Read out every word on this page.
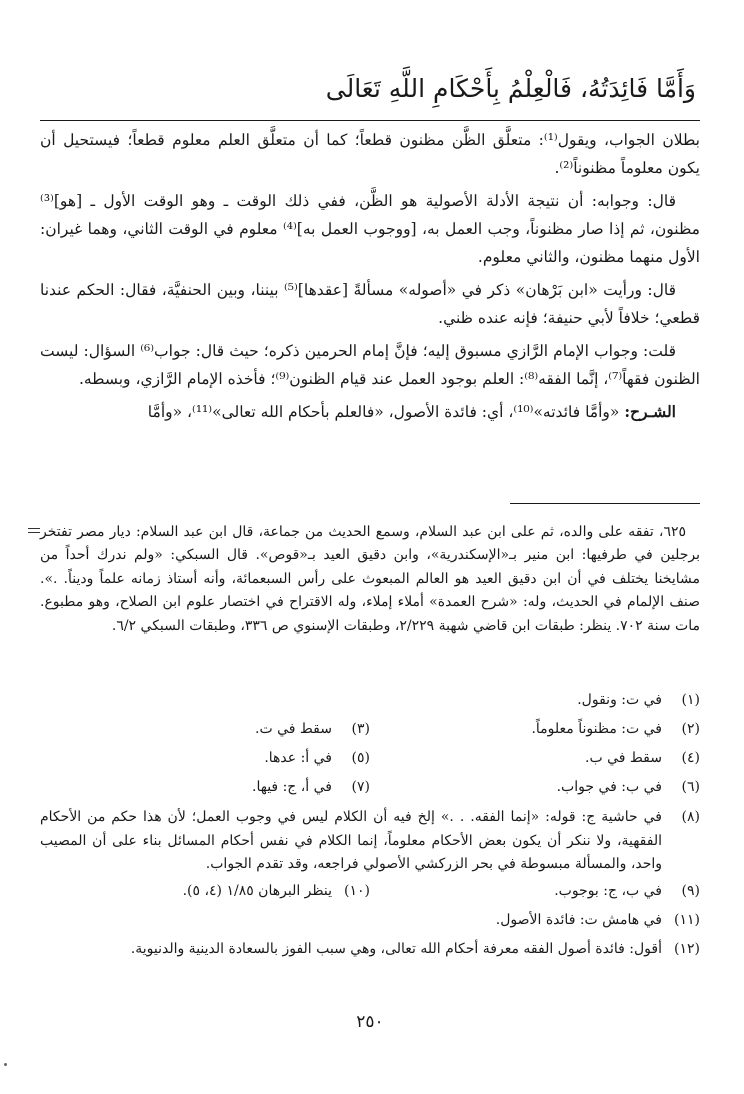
وَأَمَّا فَائِدَتُهُ، فَالْعِلْمُ بِأَحْكَامِ اللَّهِ تَعَالَى

بطلان الجواب، ويقول⁽¹⁾: متعلَّق الظَّن مظنون قطعاً؛ كما أن متعلَّق العلم معلوم قطعاً؛ فيستحيل أن يكون معلوماً مظنوناً⁽²⁾.

قال: وجوابه: أن نتيجة الأدلة الأصولية هو الظَّن، ففي ذلك الوقت ـ وهو الوقت الأول ـ [هو]⁽³⁾ مظنون، ثم إذا صار مظنوناً، وجب العمل به، [ووجوب العمل به]⁽⁴⁾ معلوم في الوقت الثاني، وهما غيران: الأول منهما مظنون، والثاني معلوم.

قال: ورأيت «ابن بَرْهان» ذكر في «أصوله» مسألةً [عقدها]⁽⁵⁾ بيننا، وبين الحنفيَّة، فقال: الحكم عندنا قطعي؛ خلافاً لأبي حنيفة؛ فإنه عنده ظني.

قلت: وجواب الإمام الرَّازي مسبوق إليه؛ فإنَّ إمام الحرمين ذكره؛ حيث قال: جواب⁽⁶⁾ السؤال: ليست الظنون فقهاً⁽⁷⁾، إنَّما الفقه⁽⁸⁾: العلم بوجود العمل عند قيام الظنون⁽⁹⁾؛ فأخذه الإمام الرَّازي، وبسطه.

الشـرح: «وأمَّا فائدته»⁽¹⁰⁾، أي: فائدة الأصول، «فالعلم بأحكام الله تعالى»⁽¹¹⁾، «وأمَّا

٦٢٥، تفقه على والده، ثم على ابن عبد السلام، وسمع الحديث من جماعة، قال ابن عبد السلام: ديار مصر تفتخر برجلين في طرفيها: ابن منير بـ«الإسكندرية»، وابن دقيق العيد بـ«قوص». قال السبكي: «ولم ندرك أحداً من مشايخنا يختلف في أن ابن دقيق العيد هو العالم المبعوث على رأس السبعمائة، وأنه أستاذ زمانه علماً وديناً. .». صنف الإلمام في الحديث، وله: «شرح العمدة» أملاء إملاء، وله الاقتراح في اختصار علوم ابن الصلاح، وهو مطبوع. مات سنة ٧٠٢. ينظر: طبقات ابن قاضي شهبة ٢/٢٢٩، وطبقات الإسنوي ص ٣٣٦، وطبقات السبكي ٦/٢.
(١)
في ت: ونقول.
(٢)
في ت: مظنوناً معلوماً.
(٣)
سقط في ت.
(٤)
سقط في ب.
(٥)
في أ: عدها.
(٦)
في ب: في جواب.
(٧)
في أ، ج: فيها.
(٨)
في حاشية ج: قوله: «إنما الفقه. . .» إلخ فيه أن الكلام ليس في وجوب العمل؛ لأن هذا حكم من الأحكام الفقهية، ولا ننكر أن يكون بعض الأحكام معلوماً، إنما الكلام في نفس أحكام المسائل بناء على أن المصيب واحد، والمسألة مبسوطة في بحر الزركشي الأصولي فراجعه، وقد تقدم الجواب.
(٩)
في ب، ج: بوجوب.
(١٠)
ينظر البرهان ١/٨٥ (٤، ٥).
(١١)
في هامش ت: فائدة الأصول.
(١٢)
أقول: فائدة أصول الفقه معرفة أحكام الله تعالى، وهي سبب الفوز بالسعادة الدينية والدنيوية.
٢٥٠
